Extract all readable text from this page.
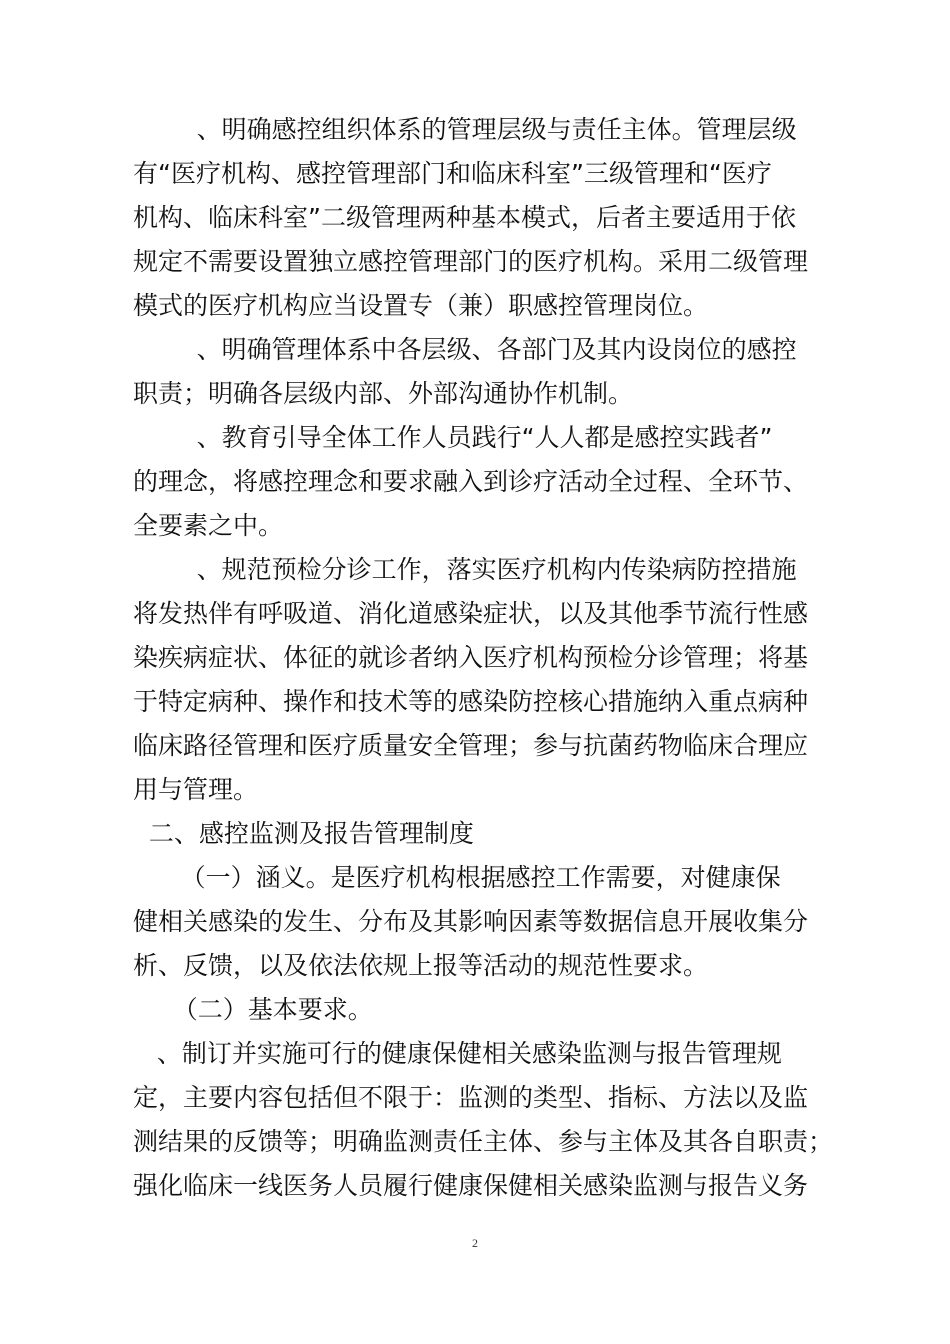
、明确感控组织体系的管理层级与责任主体。管理层级
有“医疗机构、感控管理部门和临床科室”三级管理和“医疗
机构、临床科室”二级管理两种基本模式，后者主要适用于依
规定不需要设置独立感控管理部门的医疗机构。采用二级管理
模式的医疗机构应当设置专（兼）职感控管理岗位。
、明确管理体系中各层级、各部门及其内设岗位的感控
职责；明确各层级内部、外部沟通协作机制。
、教育引导全体工作人员践行“人人都是感控实践者”
的理念，将感控理念和要求融入到诊疗活动全过程、全环节、
全要素之中。
、规范预检分诊工作，落实医疗机构内传染病防控措施
将发热伴有呼吸道、消化道感染症状，以及其他季节流行性感
染疾病症状、体征的就诊者纳入医疗机构预检分诊管理；将基
于特定病种、操作和技术等的感染防控核心措施纳入重点病种
临床路径管理和医疗质量安全管理；参与抗菌药物临床合理应
用与管理。
二、感控监测及报告管理制度
（一）涵义。是医疗机构根据感控工作需要，对健康保
健相关感染的发生、分布及其影响因素等数据信息开展收集分
析、反馈，以及依法依规上报等活动的规范性要求。
（二）基本要求。
、制订并实施可行的健康保健相关感染监测与报告管理规
定，主要内容包括但不限于：监测的类型、指标、方法以及监
测结果的反馈等；明确监测责任主体、参与主体及其各自职责；
强化临床一线医务人员履行健康保健相关感染监测与报告义务
2
